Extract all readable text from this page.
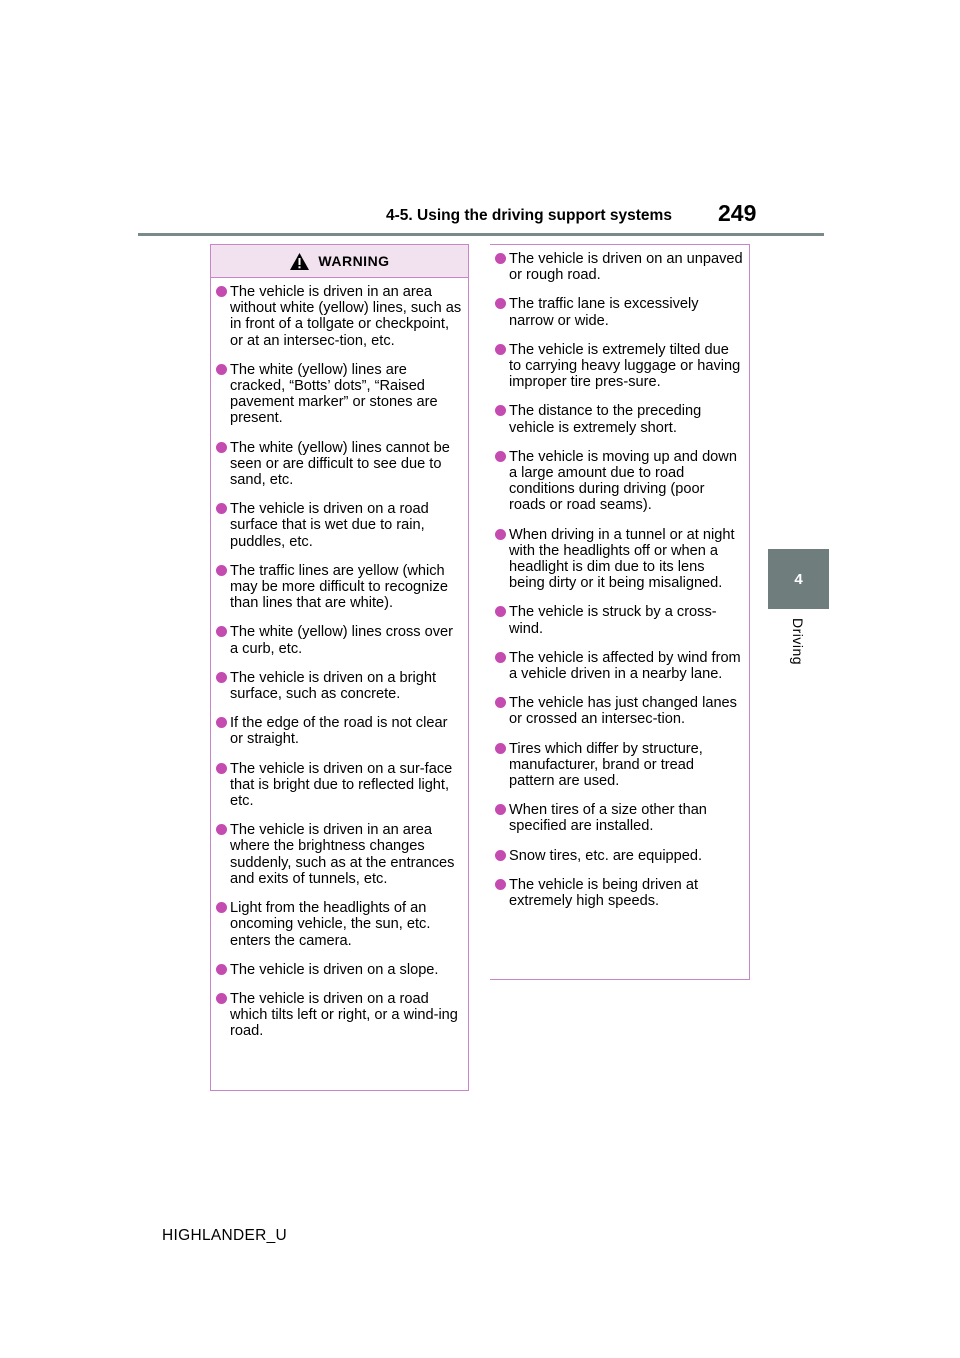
4-5. Using the driving support systems 249
4
Driving
WARNING
The vehicle is driven in an area without white (yellow) lines, such as in front of a tollgate or checkpoint, or at an intersec-tion, etc.
The white (yellow) lines are cracked, “Botts’ dots”, “Raised pavement marker” or stones are present.
The white (yellow) lines cannot be seen or are difficult to see due to sand, etc.
The vehicle is driven on a road surface that is wet due to rain, puddles, etc.
The traffic lines are yellow (which may be more difficult to recognize than lines that are white).
The white (yellow) lines cross over a curb, etc.
The vehicle is driven on a bright surface, such as concrete.
If the edge of the road is not clear or straight.
The vehicle is driven on a sur-face that is bright due to reflected light, etc.
The vehicle is driven in an area where the brightness changes suddenly, such as at the entrances and exits of tunnels, etc.
Light from the headlights of an oncoming vehicle, the sun, etc. enters the camera.
The vehicle is driven on a slope.
The vehicle is driven on a road which tilts left or right, or a wind-ing road.
The vehicle is driven on an unpaved or rough road.
The traffic lane is excessively narrow or wide.
The vehicle is extremely tilted due to carrying heavy luggage or having improper tire pres-sure.
The distance to the preceding vehicle is extremely short.
The vehicle is moving up and down a large amount due to road conditions during driving (poor roads or road seams).
When driving in a tunnel or at night with the headlights off or when a headlight is dim due to its lens being dirty or it being misaligned.
The vehicle is struck by a cross-wind.
The vehicle is affected by wind from a vehicle driven in a nearby lane.
The vehicle has just changed lanes or crossed an intersec-tion.
Tires which differ by structure, manufacturer, brand or tread pattern are used.
When tires of a size other than specified are installed.
Snow tires, etc. are equipped.
The vehicle is being driven at extremely high speeds.
HIGHLANDER_U
